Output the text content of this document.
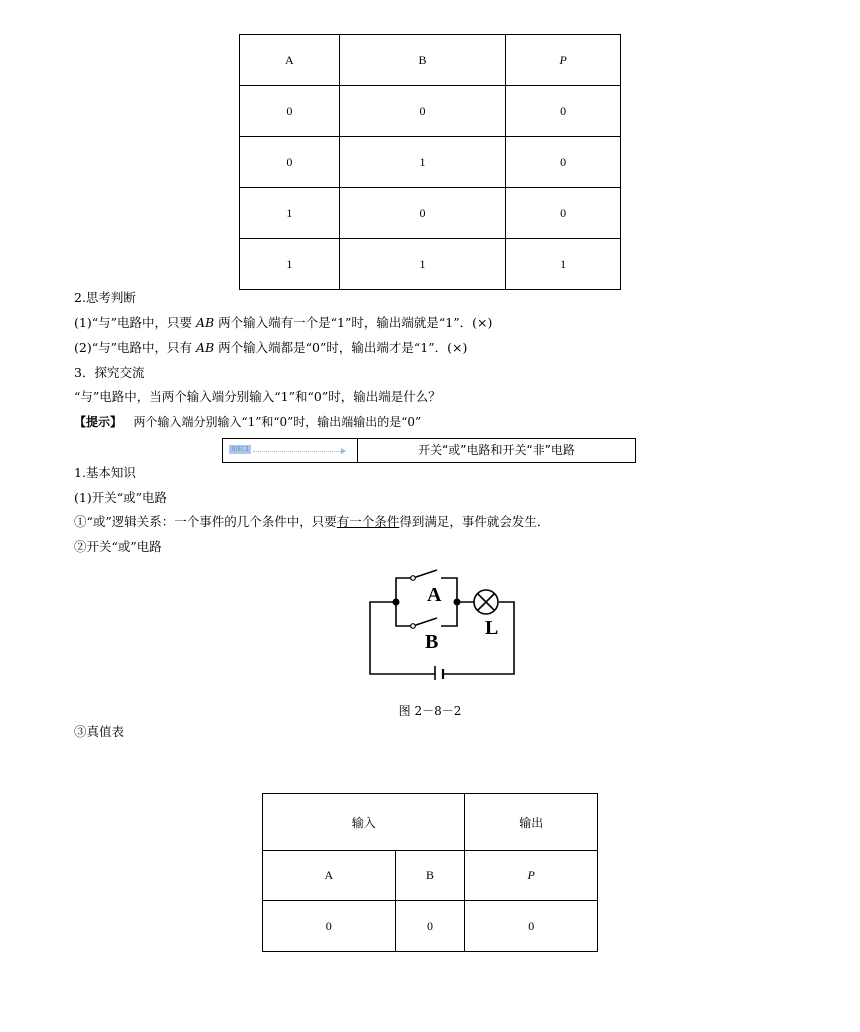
A	B	P
0	0	0
0	1	0
1	0	0
1	1	1
2.思考判断
(1)“与”电路中，只要 AB 两个输入端有一个是“1”时，输出端就是“1”．(×)
(2)“与”电路中，只有 AB 两个输入端都是“0”时，输出端才是“1”．(×)
3．探究交流
“与”电路中，当两个输入端分别输入“1”和“0”时，输出端是什么？
【提示】 两个输入端分别输入“1”和“0”时，输出端输出的是“0”
知识 2	开关“或”电路和开关“非”电路
1.基本知识
(1)开关“或”电路
①“或”逻辑关系：一个事件的几个条件中，只要有一个条件得到满足，事件就会发生．
②开关“或”电路
A
B
L
图 2－8－2
③真值表
输入		输出
A	B	P
0	0	0
